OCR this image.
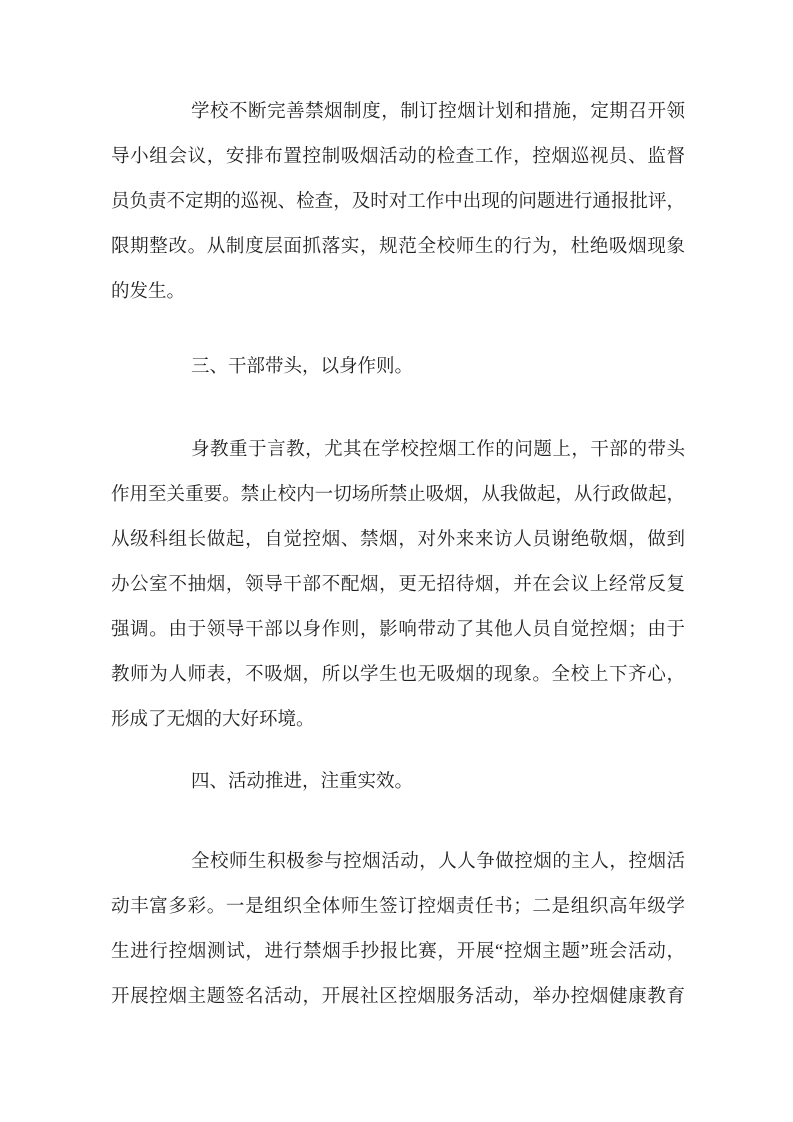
学校不断完善禁烟制度，制订控烟计划和措施，定期召开领
导小组会议，安排布置控制吸烟活动的检查工作，控烟巡视员、监督
员负责不定期的巡视、检查，及时对工作中出现的问题进行通报批评，
限期整改。从制度层面抓落实，规范全校师生的行为，杜绝吸烟现象
的发生。
三、干部带头，以身作则。
身教重于言教，尤其在学校控烟工作的问题上，干部的带头
作用至关重要。禁止校内一切场所禁止吸烟，从我做起，从行政做起，
从级科组长做起，自觉控烟、禁烟，对外来来访人员谢绝敬烟，做到
办公室不抽烟，领导干部不配烟，更无招待烟，并在会议上经常反复
强调。由于领导干部以身作则，影响带动了其他人员自觉控烟；由于
教师为人师表，不吸烟，所以学生也无吸烟的现象。全校上下齐心，
形成了无烟的大好环境。
四、活动推进，注重实效。
全校师生积极参与控烟活动，人人争做控烟的主人，控烟活
动丰富多彩。一是组织全体师生签订控烟责任书；二是组织高年级学
生进行控烟测试，进行禁烟手抄报比赛，开展“控烟主题”班会活动，
开展控烟主题签名活动，开展社区控烟服务活动，举办控烟健康教育
